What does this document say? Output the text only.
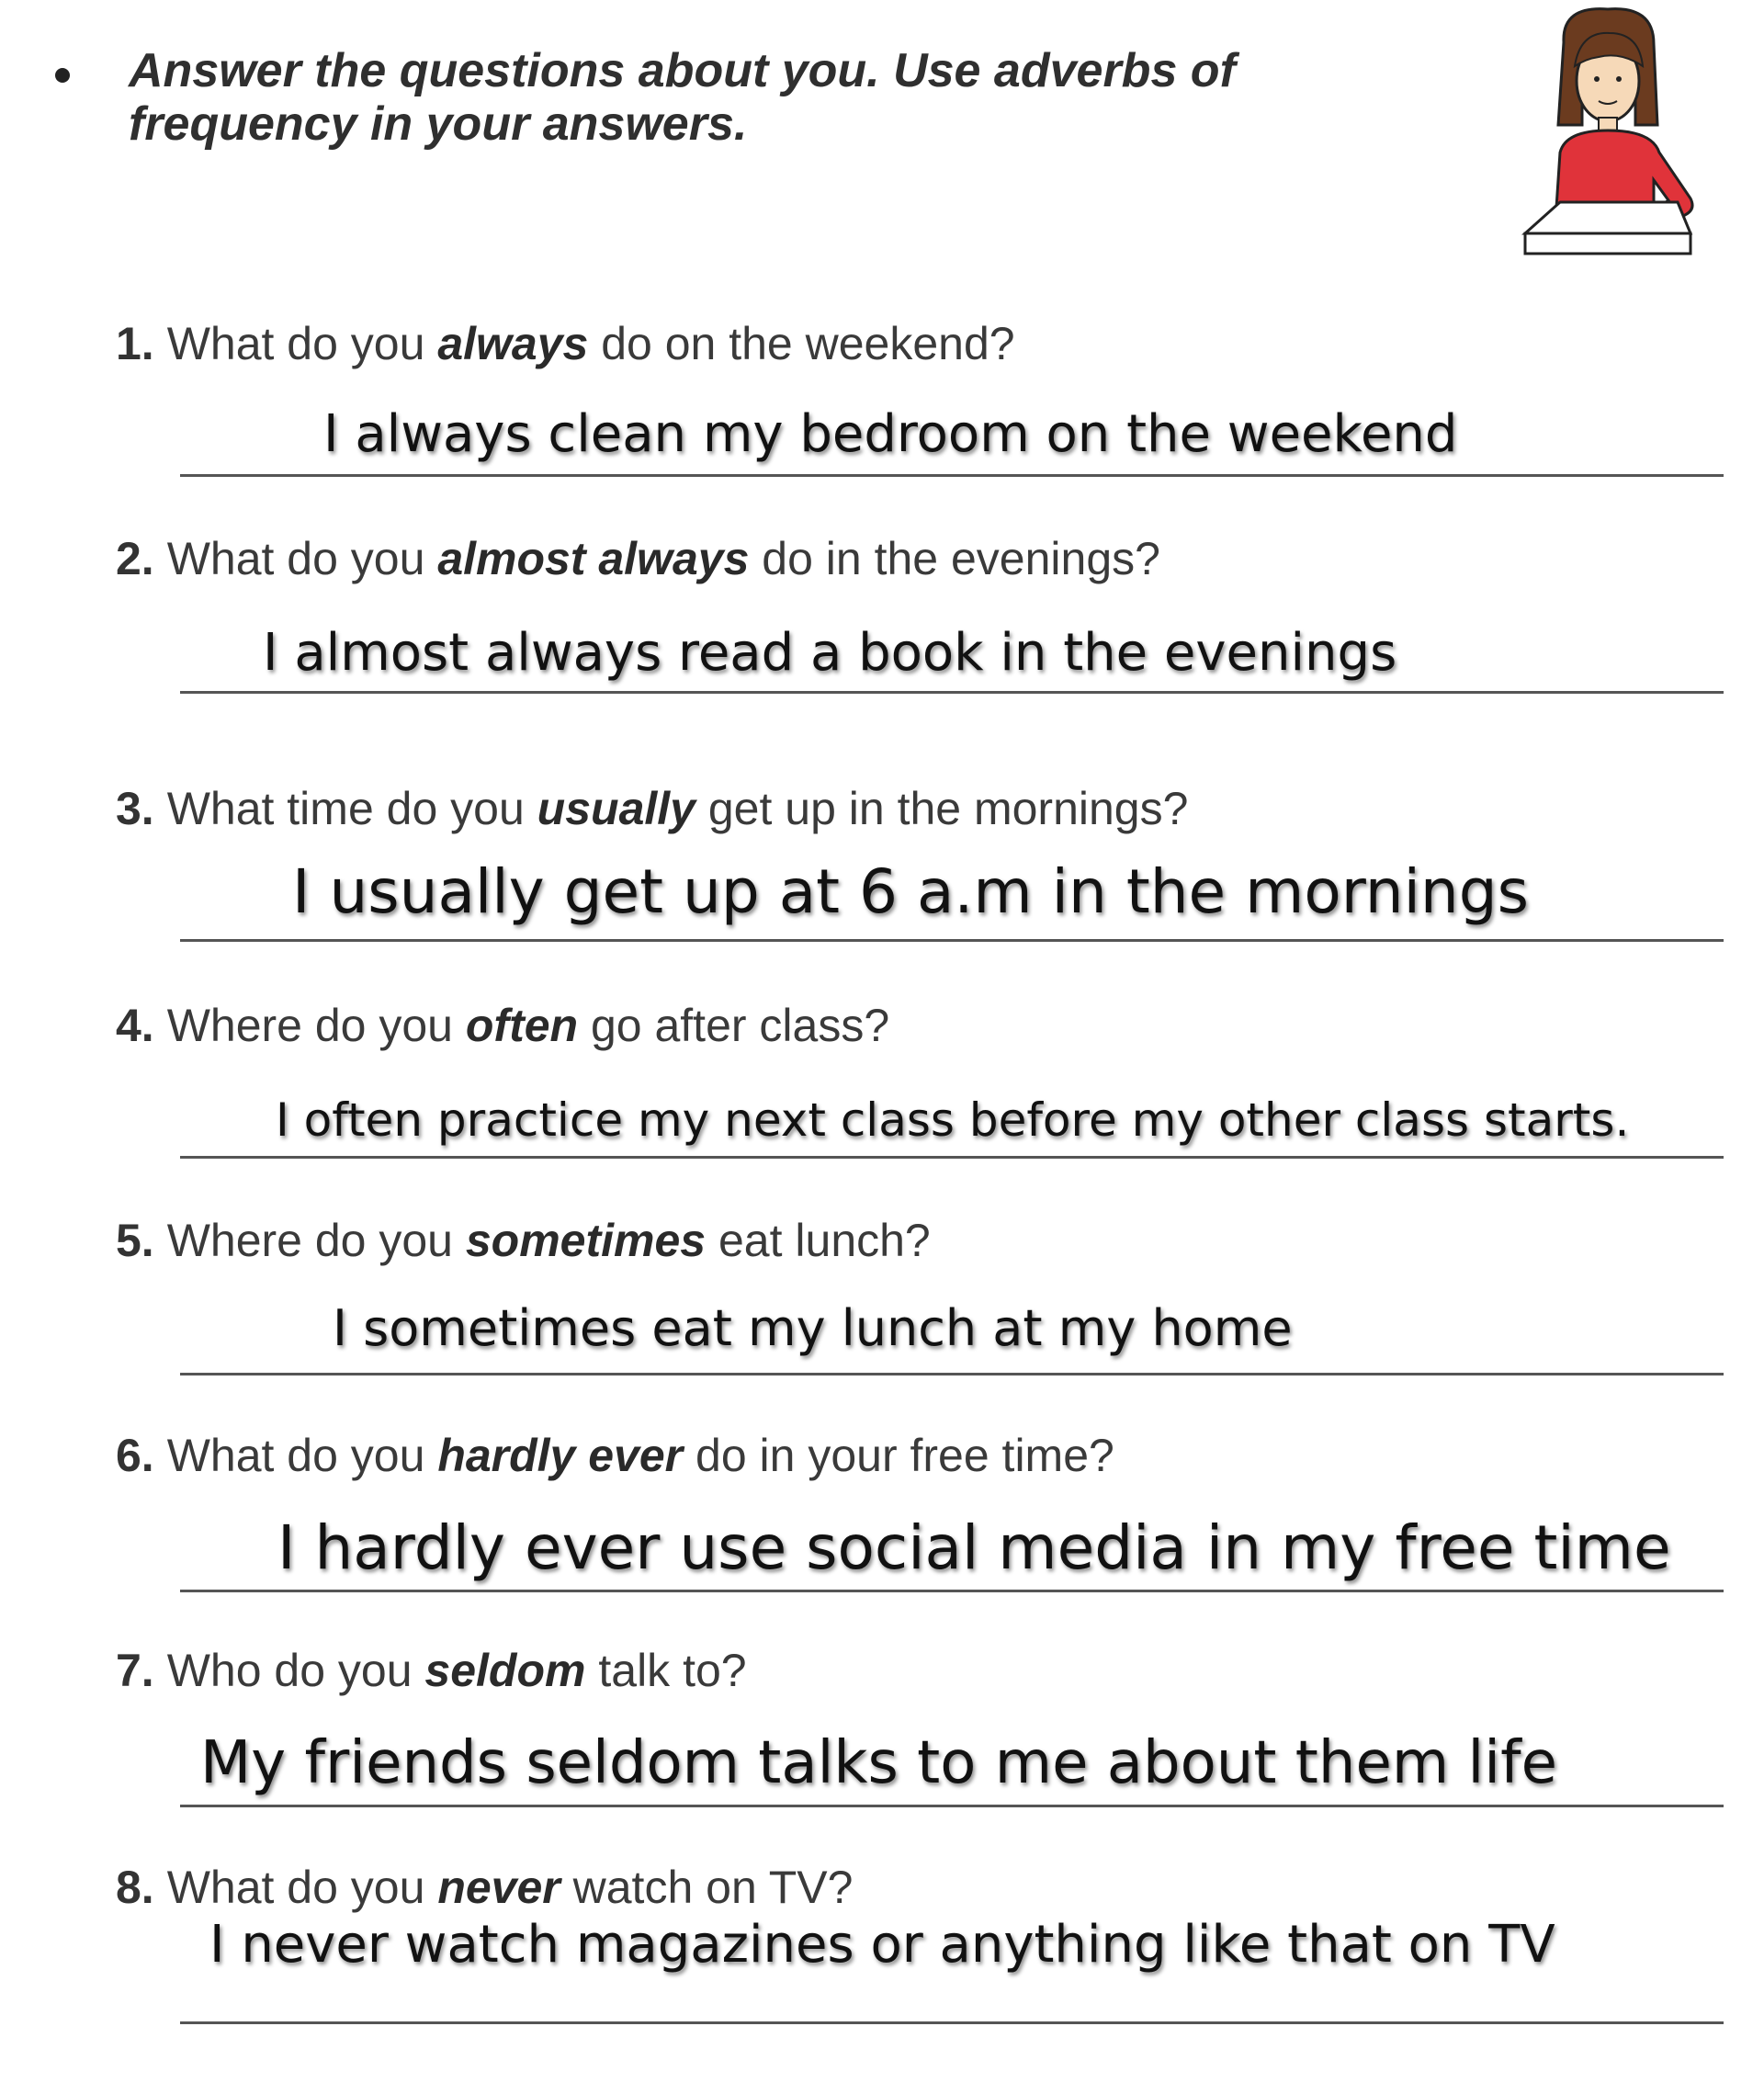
Answer the questions about you. Use adverbs of
frequency in your answers.
1. What do you always do on the weekend?
I always clean my bedroom on the weekend
2. What do you almost always do in the evenings?
I almost always read a book in the evenings
3. What time do you usually get up in the mornings?
I usually get up at 6 a.m in the mornings
4. Where do you often go after class?
I often practice my next class before my other class starts.
5. Where do you sometimes eat lunch?
I sometimes eat my lunch at my home
6. What do you hardly ever do in your free time?
I hardly ever use social media in my free time
7. Who do you seldom talk to?
My friends seldom talks to me about them life
8. What do you never watch on TV?
I never watch magazines or anything like that on TV
